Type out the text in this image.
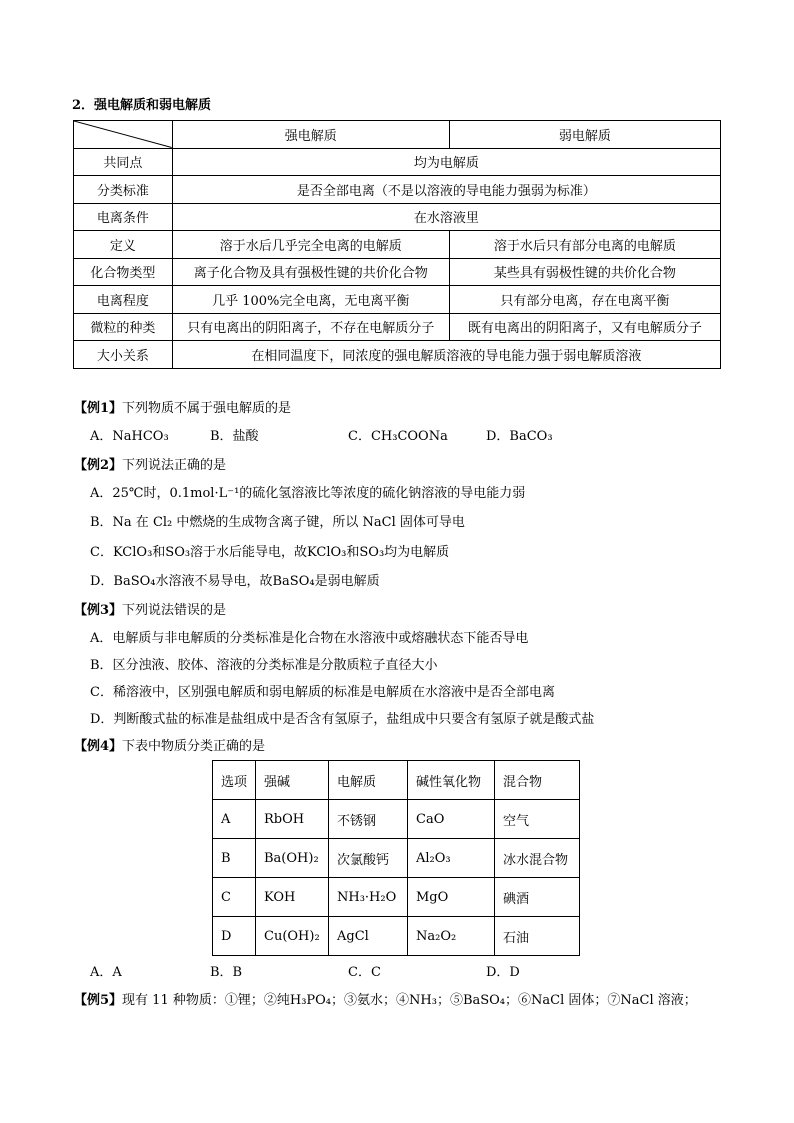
2．强电解质和弱电解质
	强电解质	弱电解质
共同点	均为电解质	
分类标准	是否全部电离（不是以溶液的导电能力强弱为标准）	
电离条件	在水溶液里	
定义	溶于水后几乎完全电离的电解质	溶于水后只有部分电离的电解质
化合物类型	离子化合物及具有强极性键的共价化合物	某些具有弱极性键的共价化合物
电离程度	几乎 100%完全电离，无电离平衡	只有部分电离，存在电离平衡
微粒的种类	只有电离出的阴阳离子，不存在电解质分子	既有电离出的阴阳离子，又有电解质分子
大小关系	在相同温度下，同浓度的强电解质溶液的导电能力强于弱电解质溶液	
【例1】下列物质不属于强电解质的是
A．NaHCO₃	B．盐酸	C．CH₃COONa	D．BaCO₃
【例2】下列说法正确的是
A．25℃时，0.1mol·L⁻¹的硫化氢溶液比等浓度的硫化钠溶液的导电能力弱
B．Na 在 Cl₂ 中燃烧的生成物含离子键，所以 NaCl 固体可导电
C．KClO₃和SO₃溶于水后能导电，故KClO₃和SO₃均为电解质
D．BaSO₄水溶液不易导电，故BaSO₄是弱电解质
【例3】下列说法错误的是
A．电解质与非电解质的分类标准是化合物在水溶液中或熔融状态下能否导电
B．区分浊液、胶体、溶液的分类标准是分散质粒子直径大小
C．稀溶液中，区别强电解质和弱电解质的标准是电解质在水溶液中是否全部电离
D．判断酸式盐的标准是盐组成中是否含有氢原子，盐组成中只要含有氢原子就是酸式盐
【例4】下表中物质分类正确的是
选项	强碱	电解质	碱性氧化物	混合物
A	RbOH	不锈钢	CaO	空气
B	Ba(OH)₂	次氯酸钙	Al₂O₃	冰水混合物
C	KOH	NH₃·H₂O	MgO	碘酒
D	Cu(OH)₂	AgCl	Na₂O₂	石油
A．A	B．B	C．C	D．D
【例5】现有 11 种物质：①锂；②纯H₃PO₄；③氨水；④NH₃；⑤BaSO₄；⑥NaCl 固体；⑦NaCl 溶液；
